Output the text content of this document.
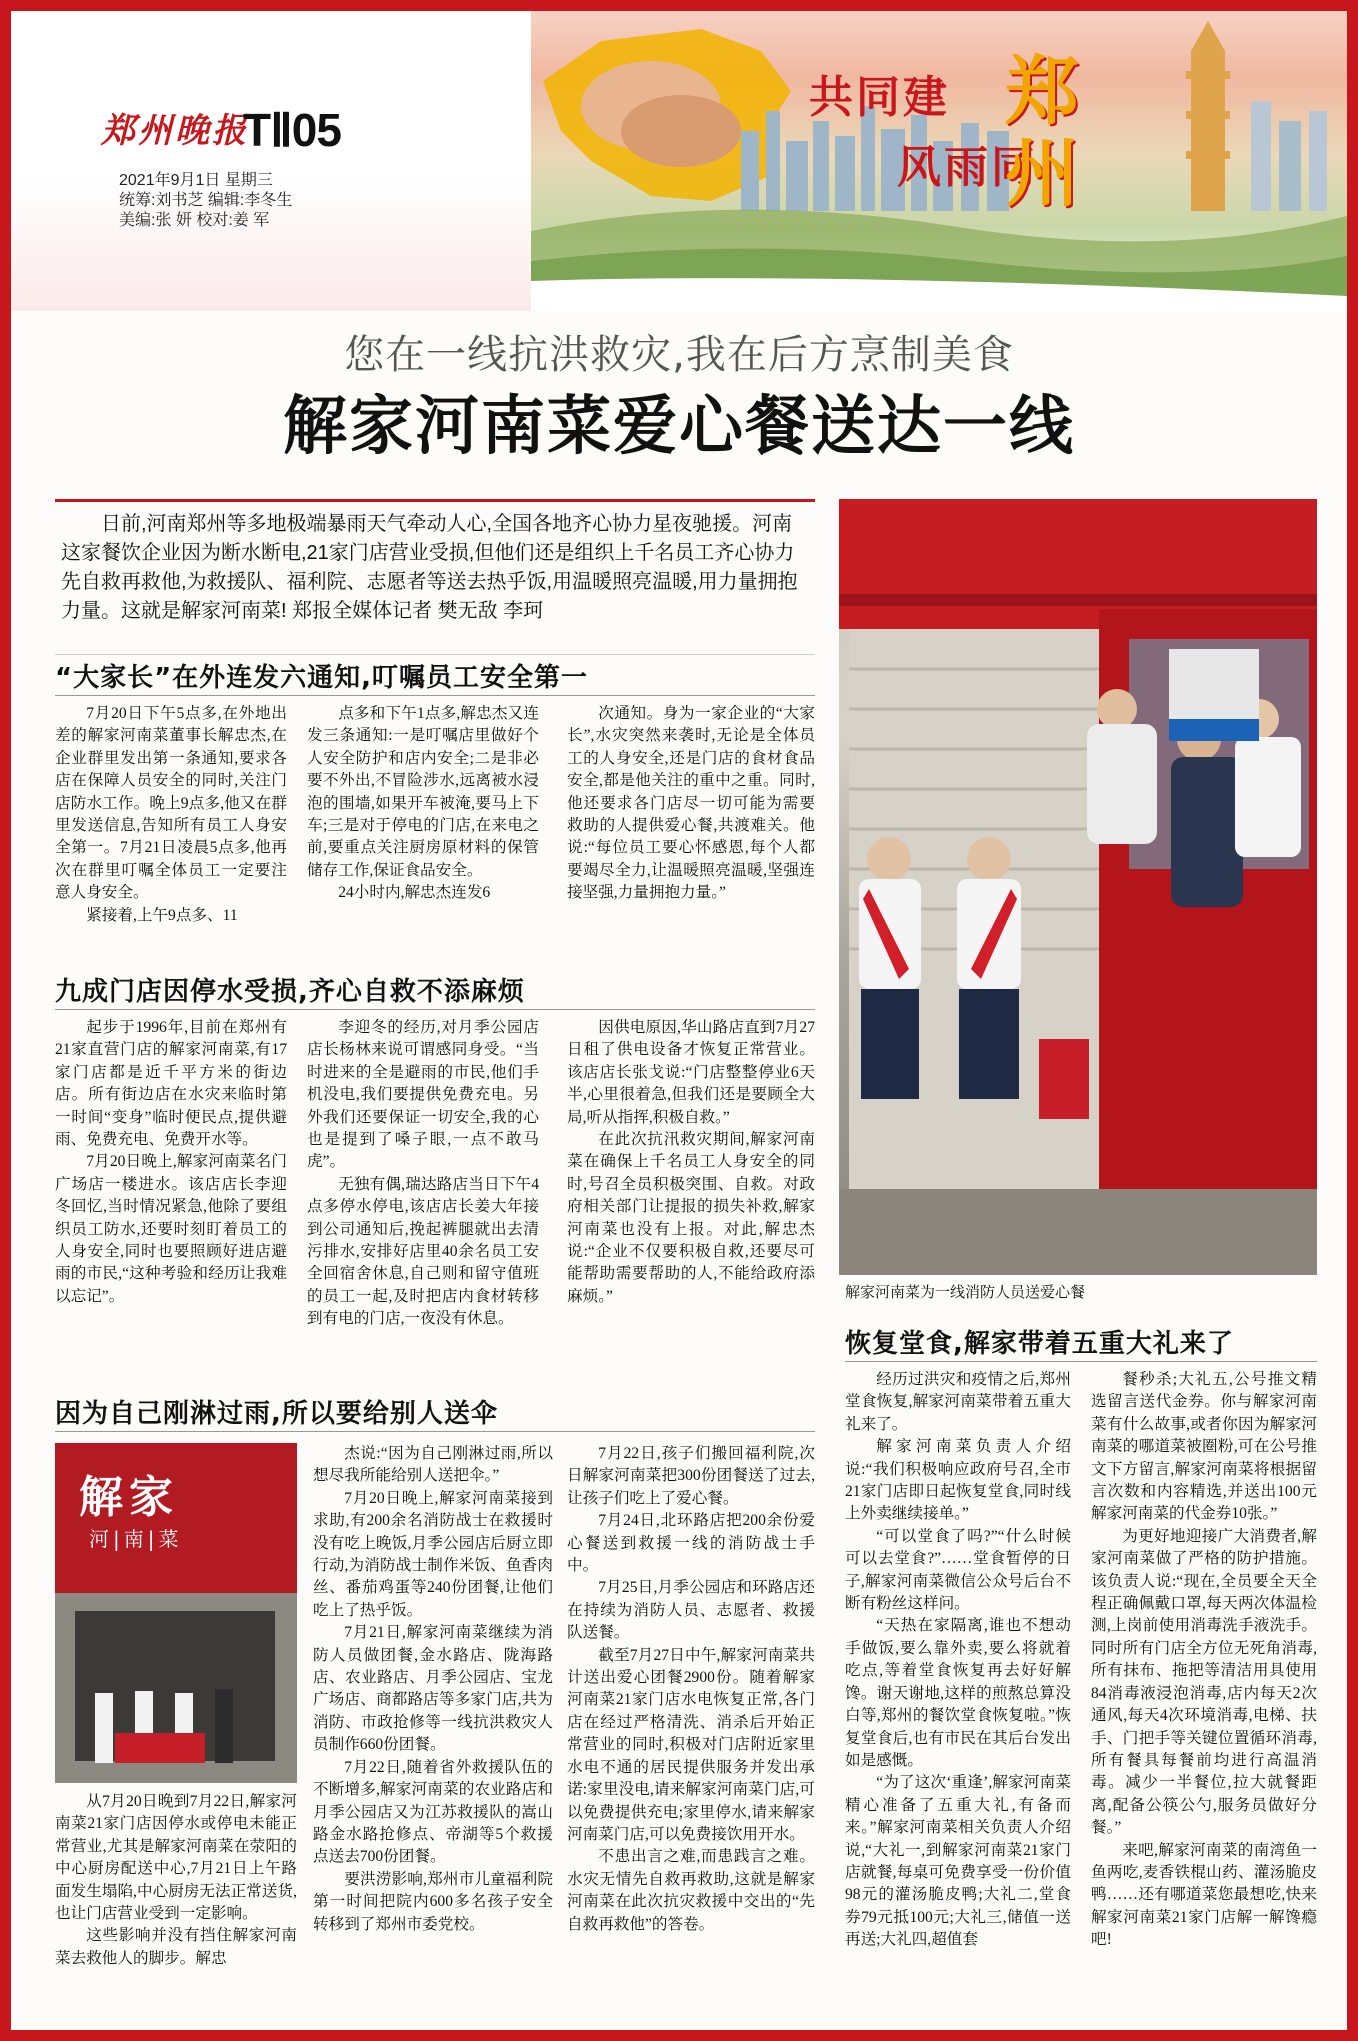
郑州晚报
TⅡ05
2021年9月1日 星期三
统筹:刘书芝 编辑:李冬生
美编:张 妍 校对:姜 军
共同建
风雨同
郑
州
您在一线抗洪救灾,我在后方烹制美食
解家河南菜爱心餐送达一线
日前,河南郑州等多地极端暴雨天气牵动人心,全国各地齐心协力星夜驰援。河南这家餐饮企业因为断水断电,21家门店营业受损,但他们还是组织上千名员工齐心协力先自救再救他,为救援队、福利院、志愿者等送去热乎饭,用温暖照亮温暖,用力量拥抱力量。这就是解家河南菜! 郑报全媒体记者 樊无敌 李珂
解家河南菜为一线消防人员送爱心餐
“大家长”在外连发六通知,叮嘱员工安全第一

7月20日下午5点多,在外地出差的解家河南菜董事长解忠杰,在企业群里发出第一条通知,要求各店在保障人员安全的同时,关注门店防水工作。晚上9点多,他又在群里发送信息,告知所有员工人身安全第一。7月21日凌晨5点多,他再次在群里叮嘱全体员工一定要注意人身安全。

紧接着,上午9点多、11

点多和下午1点多,解忠杰又连发三条通知:一是叮嘱店里做好个人安全防护和店内安全;二是非必要不外出,不冒险涉水,远离被水浸泡的围墙,如果开车被淹,要马上下车;三是对于停电的门店,在来电之前,要重点关注厨房原材料的保管储存工作,保证食品安全。

24小时内,解忠杰连发6

次通知。身为一家企业的“大家长”,水灾突然来袭时,无论是全体员工的人身安全,还是门店的食材食品安全,都是他关注的重中之重。同时,他还要求各门店尽一切可能为需要救助的人提供爱心餐,共渡难关。他说:“每位员工要心怀感恩,每个人都要竭尽全力,让温暖照亮温暖,坚强连接坚强,力量拥抱力量。”

九成门店因停水受损,齐心自救不添麻烦

起步于1996年,目前在郑州有21家直营门店的解家河南菜,有17家门店都是近千平方米的街边店。所有街边店在水灾来临时第一时间“变身”临时便民点,提供避雨、免费充电、免费开水等。

7月20日晚上,解家河南菜名门广场店一楼进水。该店店长李迎冬回忆,当时情况紧急,他除了要组织员工防水,还要时刻盯着员工的人身安全,同时也要照顾好进店避雨的市民,“这种考验和经历让我难以忘记”。

李迎冬的经历,对月季公园店店长杨林来说可谓感同身受。“当时进来的全是避雨的市民,他们手机没电,我们要提供免费充电。另外我们还要保证一切安全,我的心也是提到了嗓子眼,一点不敢马虎”。

无独有偶,瑞达路店当日下午4点多停水停电,该店店长姜大年接到公司通知后,挽起裤腿就出去清污排水,安排好店里40余名员工安全回宿舍休息,自己则和留守值班的员工一起,及时把店内食材转移到有电的门店,一夜没有休息。

因供电原因,华山路店直到7月27日租了供电设备才恢复正常营业。该店店长张戈说:“门店整整停业6天半,心里很着急,但我们还是要顾全大局,听从指挥,积极自救。”

在此次抗汛救灾期间,解家河南菜在确保上千名员工人身安全的同时,号召全员积极突围、自救。对政府相关部门让提报的损失补救,解家河南菜也没有上报。对此,解忠杰说:“企业不仅要积极自救,还要尽可能帮助需要帮助的人,不能给政府添麻烦。”

因为自己刚淋过雨,所以要给别人送伞
解家
河|南|菜

从7月20日晚到7月22日,解家河南菜21家门店因停水或停电未能正常营业,尤其是解家河南菜在荥阳的中心厨房配送中心,7月21日上午路面发生塌陷,中心厨房无法正常送货,也让门店营业受到一定影响。

这些影响并没有挡住解家河南菜去救他人的脚步。解忠

杰说:“因为自己刚淋过雨,所以想尽我所能给别人送把伞。”

7月20日晚上,解家河南菜接到求助,有200余名消防战士在救援时没有吃上晚饭,月季公园店后厨立即行动,为消防战士制作米饭、鱼香肉丝、番茄鸡蛋等240份团餐,让他们吃上了热乎饭。

7月21日,解家河南菜继续为消防人员做团餐,金水路店、陇海路店、农业路店、月季公园店、宝龙广场店、商都路店等多家门店,共为消防、市政抢修等一线抗洪救灾人员制作660份团餐。

7月22日,随着省外救援队伍的不断增多,解家河南菜的农业路店和月季公园店又为江苏救援队的嵩山路金水路抢修点、帝湖等5个救援点送去700份团餐。

要洪涝影响,郑州市儿童福利院第一时间把院内600多名孩子安全转移到了郑州市委党校。

7月22日,孩子们搬回福利院,次日解家河南菜把300份团餐送了过去,让孩子们吃上了爱心餐。

7月24日,北环路店把200余份爱心餐送到救援一线的消防战士手中。

7月25日,月季公园店和环路店还在持续为消防人员、志愿者、救援队送餐。

截至7月27日中午,解家河南菜共计送出爱心团餐2900份。随着解家河南菜21家门店水电恢复正常,各门店在经过严格清洗、消杀后开始正常营业的同时,积极对门店附近家里水电不通的居民提供服务并发出承诺:家里没电,请来解家河南菜门店,可以免费提供充电;家里停水,请来解家河南菜门店,可以免费接饮用开水。

不患出言之难,而患践言之难。水灾无情先自救再救助,这就是解家河南菜在此次抗灾救援中交出的“先自救再救他”的答卷。

恢复堂食,解家带着五重大礼来了

经历过洪灾和疫情之后,郑州堂食恢复,解家河南菜带着五重大礼来了。

解家河南菜负责人介绍说:“我们积极响应政府号召,全市21家门店即日起恢复堂食,同时线上外卖继续接单。”

“可以堂食了吗?”“什么时候可以去堂食?”……堂食暂停的日子,解家河南菜微信公众号后台不断有粉丝这样问。

“天热在家隔离,谁也不想动手做饭,要么靠外卖,要么将就着吃点,等着堂食恢复再去好好解馋。谢天谢地,这样的煎熬总算没白等,郑州的餐饮堂食恢复啦。”恢复堂食后,也有市民在其后台发出如是感慨。

“为了这次‘重逢’,解家河南菜精心准备了五重大礼,有备而来。”解家河南菜相关负责人介绍说,“大礼一,到解家河南菜21家门店就餐,每桌可免费享受一份价值98元的灌汤脆皮鸭;大礼二,堂食券79元抵100元;大礼三,储值一送再送;大礼四,超值套

餐秒杀;大礼五,公号推文精选留言送代金券。你与解家河南菜有什么故事,或者你因为解家河南菜的哪道菜被圈粉,可在公号推文下方留言,解家河南菜将根据留言次数和内容精选,并送出100元解家河南菜的代金券10张。”

为更好地迎接广大消费者,解家河南菜做了严格的防护措施。该负责人说:“现在,全员要全天全程正确佩戴口罩,每天两次体温检测,上岗前使用消毒洗手液洗手。同时所有门店全方位无死角消毒,所有抹布、拖把等清洁用具使用84消毒液浸泡消毒,店内每天2次通风,每天4次环境消毒,电梯、扶手、门把手等关键位置循环消毒,所有餐具每餐前均进行高温消毒。减少一半餐位,拉大就餐距离,配备公筷公勺,服务员做好分餐。”

来吧,解家河南菜的南湾鱼一鱼两吃,麦香铁棍山药、灌汤脆皮鸭……还有哪道菜您最想吃,快来解家河南菜21家门店解一解馋瘾吧!
